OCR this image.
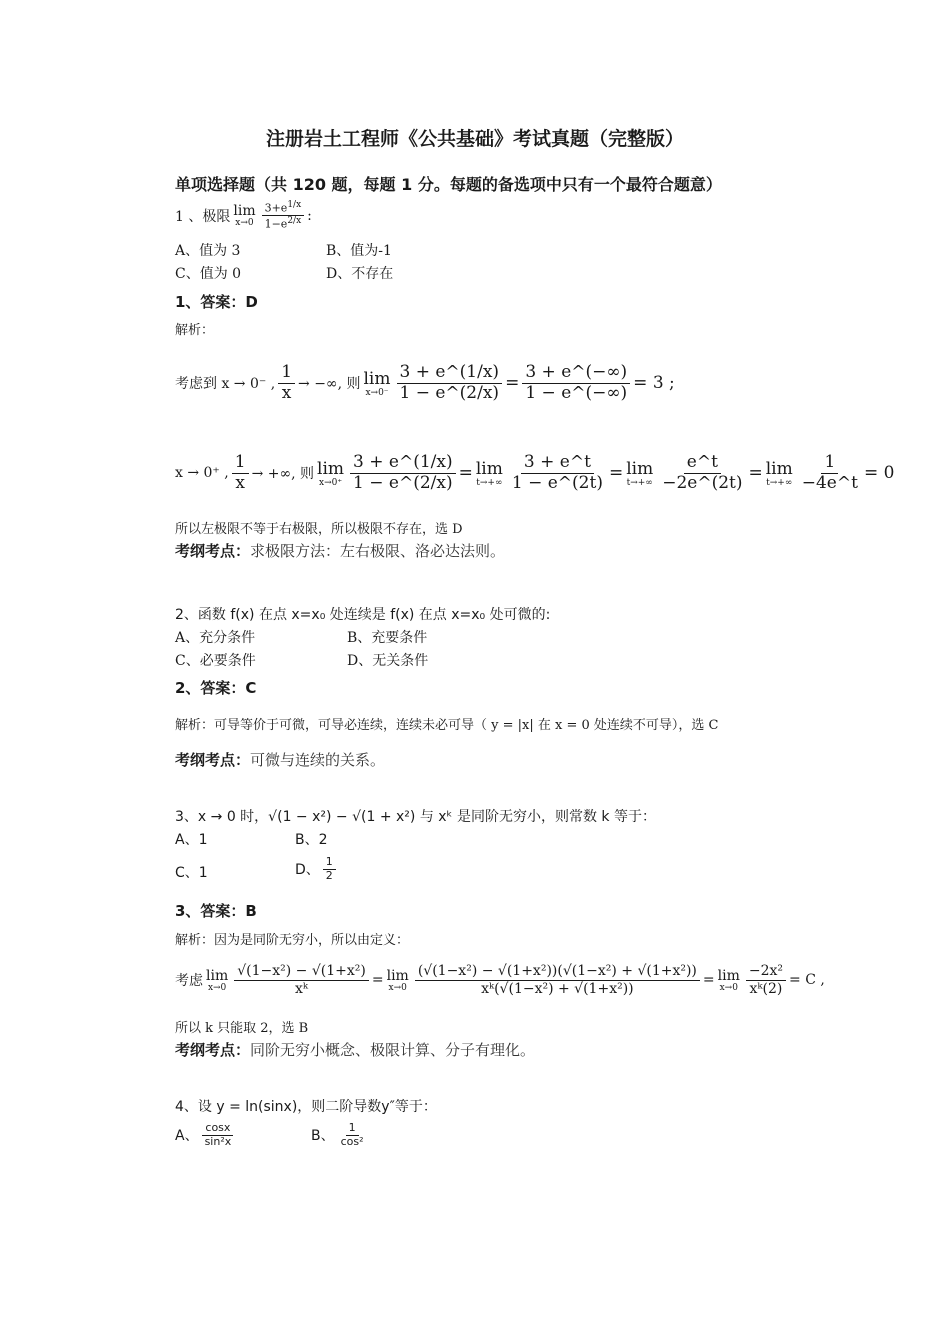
注册岩土工程师《公共基础》考试真题（完整版）
单项选择题（共 120 题，每题 1 分。每题的备选项中只有一个最符合题意）
1 、极限 lim
$x\to 0 \frac{3+e^{1/x}}{1-e^{2/x}}$ :
A、值为 3	B、值为-1
C、值为 0	D、不存在
1、答案：D
解析：
考虑到 x → 0⁻ , $\frac{1}{x}$ → −∞, 则 lim
$x\to 0^- \frac{3 + e\^{}(1/x)}{1 - e\^{}(2/x)} = \frac{3 + e\^{}(-\infty)}{1 - e\^{}(-\infty)} = 3$ ;
x → 0⁺ , $\frac{1}{x}$ → +∞, 则 lim
$x\to 0^+ \frac{3 + e\^{}(1/x)}{1 - e\^{}(2/x)} = \lim$
$t\to+\infty \frac{3 + e\^{}t}{1 - e\^{}(2t)} = \lim$
$t\to+\infty \frac{e\^{}t}{-2e\^{}(2t)} = \lim$
$t\to+\infty \frac{1}{-4e\^{}t} = 0$
所以左极限不等于右极限，所以极限不存在，选 D
考纲考点：求极限方法：左右极限、洛必达法则。
2、函数 f(x) 在点 x=x₀ 处连续是 f(x) 在点 x=x₀ 处可微的:
A、充分条件	B、充要条件
C、必要条件	D、无关条件
2、答案：C
解析：可导等价于可微，可导必连续，连续未必可导（ y = |x| 在 x = 0 处连续不可导），选 C
考纲考点：可微与连续的关系。
3、x → 0 时，√(1 − x²) − √(1 + x²) 与 xᵏ 是同阶无穷小，则常数 k 等于：
A、1	B、2
C、1	D、 $\frac{1}{2}$
3、答案：B
解析：因为是同阶无穷小，所以由定义：
考虑 lim
$x\to 0 \frac{\text{√(1−x²) − √(1+x²)}}{\text{xᵏ}} = \lim$
$x\to 0 \frac{\text{(√(1−x²) − √(1+x²))(√(1−x²) + √(1+x²))}}{\text{xᵏ(√(1−x²) + √(1+x²))}} = \lim$
$x\to 0 \frac{\text{−2x²}}{\text{xᵏ(2)}} = C$ ,
所以 k 只能取 2，选 B
考纲考点：同阶无穷小概念、极限计算、分子有理化。
4、设 y = ln(sinx)，则二阶导数y″等于：
A、 $\frac{\cos x}{\text{sin²x}}$	B、 $\frac{1}{\text{cos²}}$
